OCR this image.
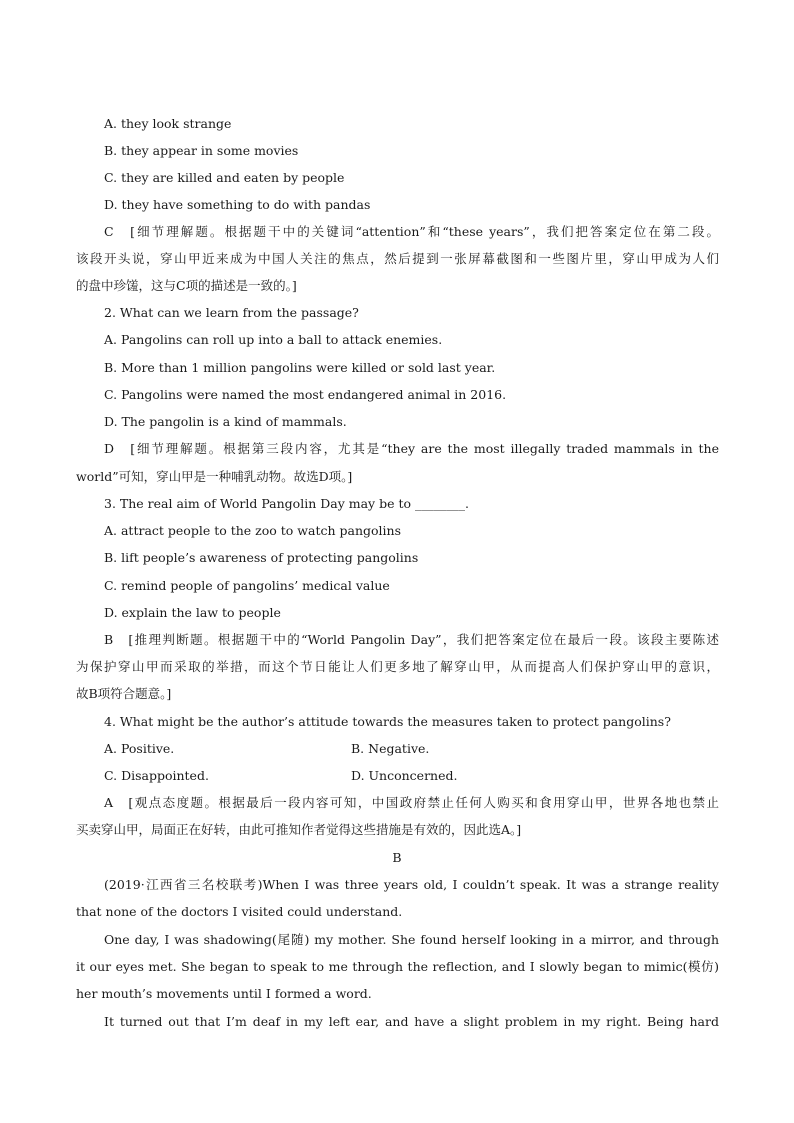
A. they look strange
B. they appear in some movies
C. they are killed and eaten by people
D. they have something to do with pandas
C　[细节理解题。根据题干中的关键词“attention”和“these years”，我们把答案定位在第二段。
该段开头说，穿山甲近来成为中国人关注的焦点，然后提到一张屏幕截图和一些图片里，穿山甲成为人们
的盘中珍馐，这与C项的描述是一致的。]
2. What can we learn from the passage?
A. Pangolins can roll up into a ball to attack enemies.
B. More than 1 million pangolins were killed or sold last year.
C. Pangolins were named the most endangered animal in 2016.
D. The pangolin is a kind of mammals.
D　[细节理解题。根据第三段内容，尤其是“they are the most illegally traded mammals in the
world”可知，穿山甲是一种哺乳动物。故选D项。]
3. The real aim of World Pangolin Day may be to ________.
A. attract people to the zoo to watch pangolins
B. lift people’s awareness of protecting pangolins
C. remind people of pangolins’ medical value
D. explain the law to people
B　[推理判断题。根据题干中的“World Pangolin Day”，我们把答案定位在最后一段。该段主要陈述
为保护穿山甲而采取的举措，而这个节日能让人们更多地了解穿山甲，从而提高人们保护穿山甲的意识，
故B项符合题意。]
4. What might be the author’s attitude towards the measures taken to protect pangolins?
A. Positive.	B. Negative.
C. Disappointed.	D. Unconcerned.
A　[观点态度题。根据最后一段内容可知，中国政府禁止任何人购买和食用穿山甲，世界各地也禁止
买卖穿山甲，局面正在好转，由此可推知作者觉得这些措施是有效的，因此选A。]
B
(2019·江西省三名校联考)When I was three years old, I couldn’t speak. It was a strange reality
that none of the doctors I visited could understand.
One day, I was shadowing(尾随) my mother. She found herself looking in a mirror, and through
it our eyes met. She began to speak to me through the reflection, and I slowly began to mimic(模仿)
her mouth’s movements until I formed a word.
It turned out that I’m deaf in my left ear, and have a slight problem in my right. Being hard
